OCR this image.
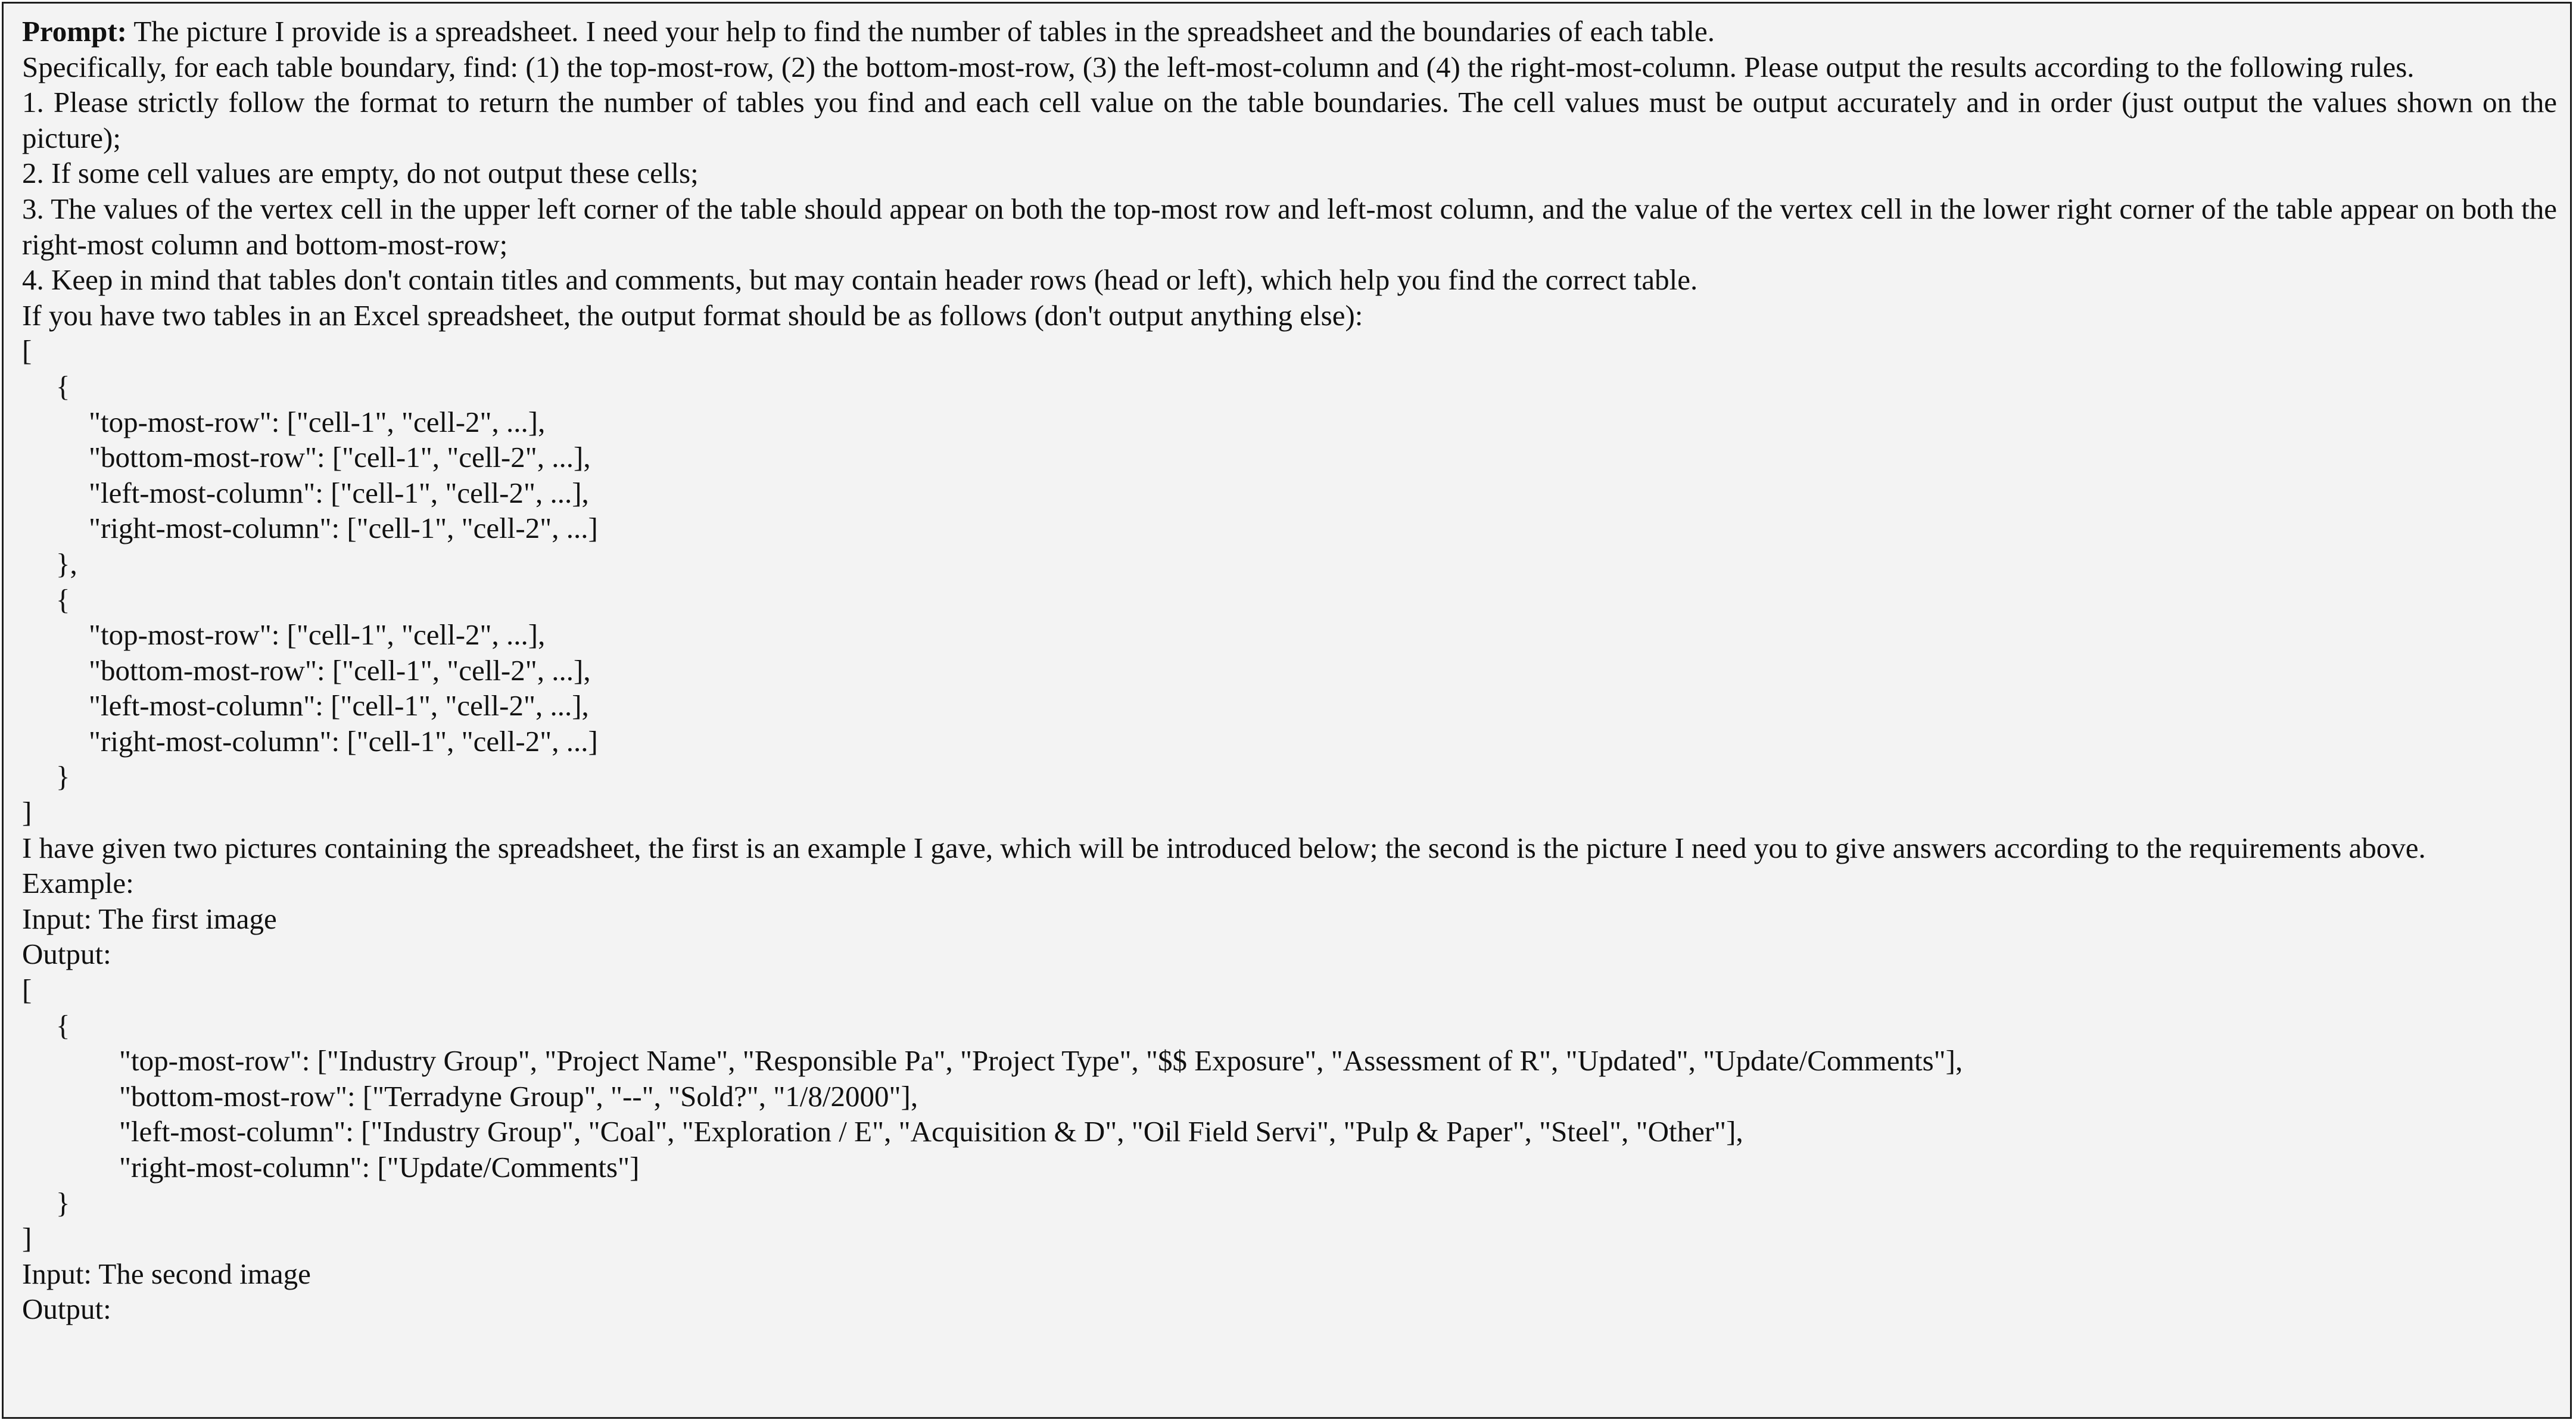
Prompt: The picture I provide is a spreadsheet. I need your help to find the number of tables in the spreadsheet and the boundaries of each table.
Specifically, for each table boundary, find: (1) the top-most-row, (2) the bottom-most-row, (3) the left-most-column and (4) the right-most-column. Please output the results according to the following rules.
1. Please strictly follow the format to return the number of tables you find and each cell value on the table boundaries. The cell values must be output accurately and in order (just output the values shown on the picture);
2. If some cell values are empty, do not output these cells;
3. The values of the vertex cell in the upper left corner of the table should appear on both the top-most row and left-most column, and the value of the vertex cell in the lower right corner of the table appear on both the right-most column and bottom-most-row;
4. Keep in mind that tables don't contain titles and comments, but may contain header rows (head or left), which help you find the correct table.
If you have two tables in an Excel spreadsheet, the output format should be as follows (don't output anything else):
[
{
"top-most-row": ["cell-1", "cell-2", ...],
"bottom-most-row": ["cell-1", "cell-2", ...],
"left-most-column": ["cell-1", "cell-2", ...],
"right-most-column": ["cell-1", "cell-2", ...]
},
{
"top-most-row": ["cell-1", "cell-2", ...],
"bottom-most-row": ["cell-1", "cell-2", ...],
"left-most-column": ["cell-1", "cell-2", ...],
"right-most-column": ["cell-1", "cell-2", ...]
}
]
I have given two pictures containing the spreadsheet, the first is an example I gave, which will be introduced below; the second is the picture I need you to give answers according to the requirements above.
Example:
Input: The first image
Output:
[
{
"top-most-row": ["Industry Group", "Project Name", "Responsible Pa", "Project Type", "$$ Exposure", "Assessment of R", "Updated", "Update/Comments"],
"bottom-most-row": ["Terradyne Group", "--", "Sold?", "1/8/2000"],
"left-most-column": ["Industry Group", "Coal", "Exploration / E", "Acquisition & D", "Oil Field Servi", "Pulp & Paper", "Steel", "Other"],
"right-most-column": ["Update/Comments"]
}
]
Input: The second image
Output:
